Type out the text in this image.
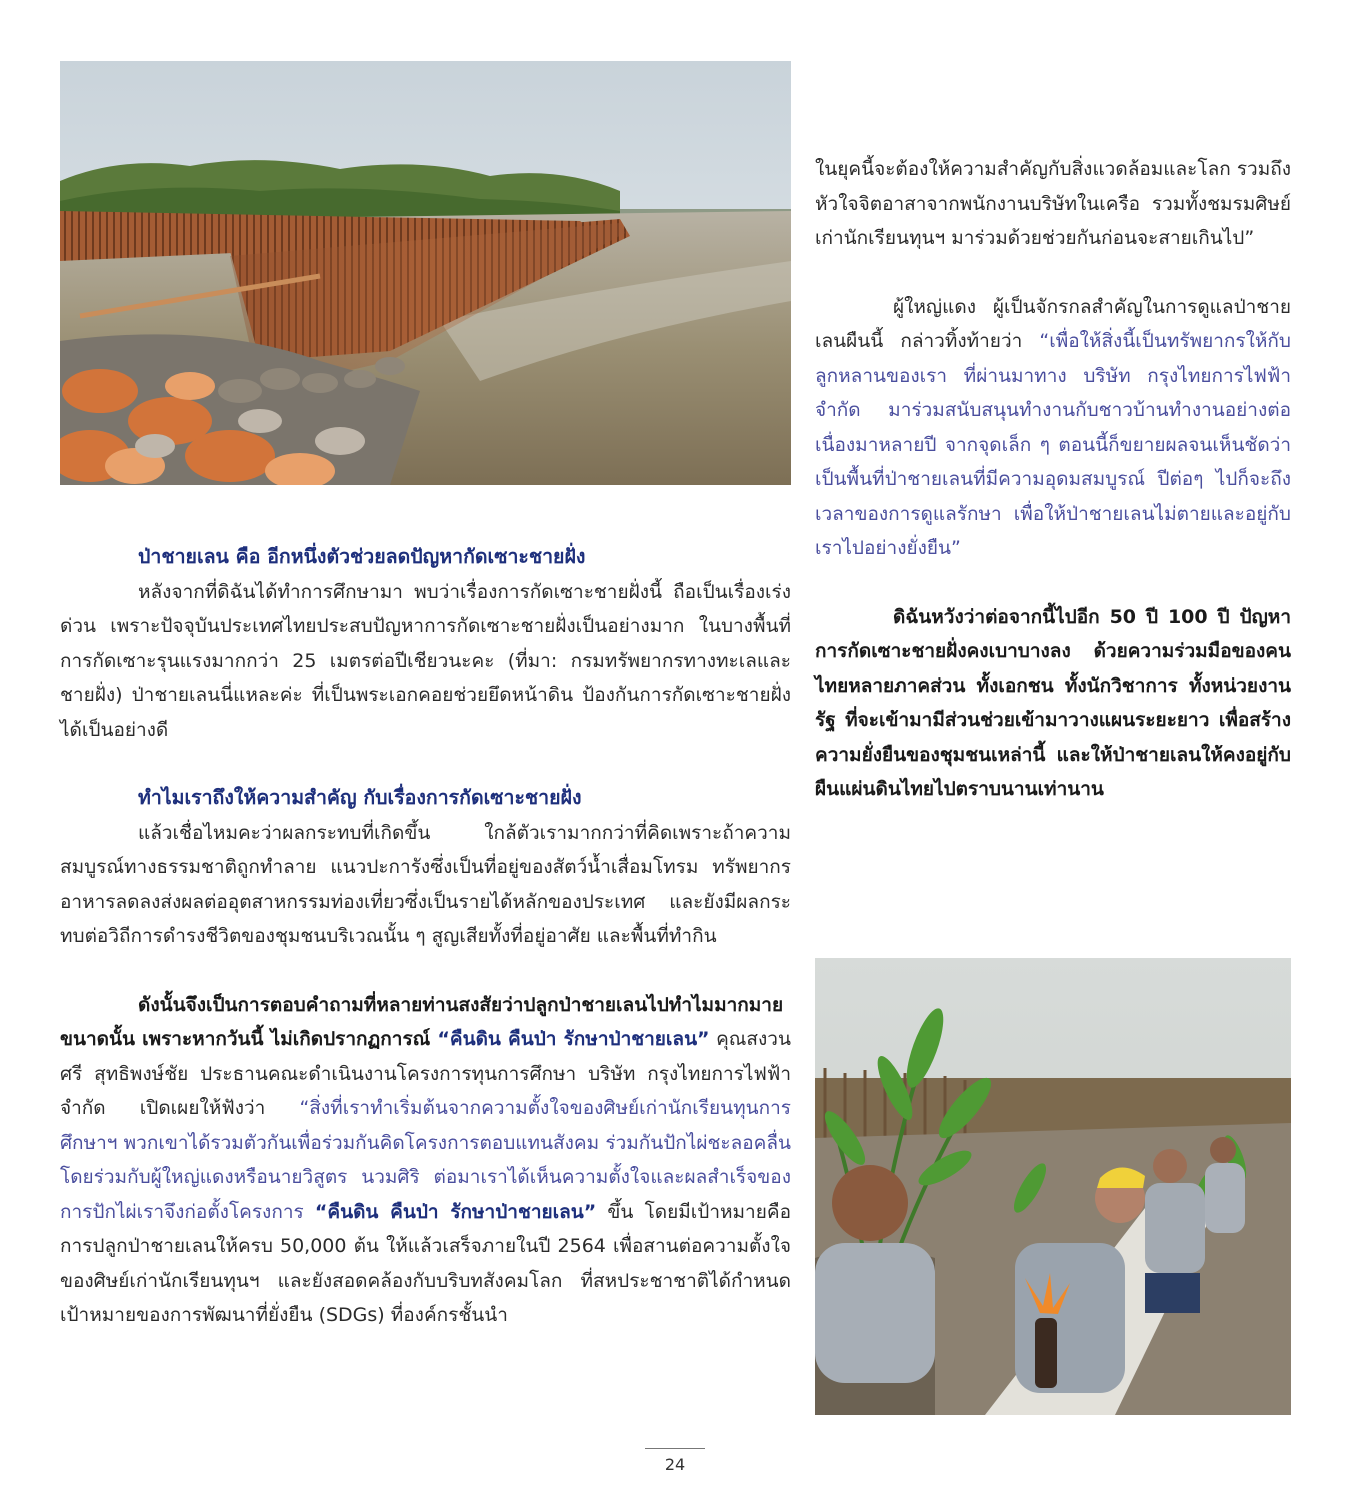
ป่าชายเลน คือ อีกหนึ่งตัวช่วยลดปัญหากัดเซาะชายฝั่ง

หลังจากที่ดิฉันได้ทำการศึกษามา พบว่าเรื่องการกัดเซาะชายฝั่งนี้ ถือเป็นเรื่องเร่งด่วน เพราะปัจจุบันประเทศไทยประสบปัญหาการกัดเซาะชายฝั่งเป็นอย่างมาก ในบางพื้นที่การกัดเซาะรุนแรงมากกว่า 25 เมตรต่อปีเชียวนะคะ (ที่มา: กรมทรัพยากรทางทะเลและชายฝั่ง) ป่าชายเลนนี่แหละค่ะ ที่เป็นพระเอกคอยช่วยยึดหน้าดิน ป้องกันการกัดเซาะชายฝั่งได้เป็นอย่างดี

ทำไมเราถึงให้ความสำคัญ กับเรื่องการกัดเซาะชายฝั่ง

แล้วเชื่อไหมคะว่าผลกระทบที่เกิดขึ้น ใกล้ตัวเรามากกว่าที่คิดเพราะถ้าความสมบูรณ์ทางธรรมชาติถูกทำลาย แนวปะการังซึ่งเป็นที่อยู่ของสัตว์น้ำเสื่อมโทรม ทรัพยากรอาหารลดลงส่งผลต่ออุตสาหกรรมท่องเที่ยวซึ่งเป็นรายได้หลักของประเทศ และยังมีผลกระทบต่อวิถีการดำรงชีวิตของชุมชนบริเวณนั้น ๆ สูญเสียทั้งที่อยู่อาศัย และพื้นที่ทำกิน

ดังนั้นจึงเป็นการตอบคำถามที่หลายท่านสงสัยว่าปลูกป่าชายเลนไปทำไมมากมายขนาดนั้น เพราะหากวันนี้ ไม่เกิดปรากฏการณ์ “คืนดิน คืนป่า รักษาป่าชายเลน” คุณสงวนศรี สุทธิพงษ์ชัย ประธานคณะดำเนินงานโครงการทุนการศึกษา บริษัท กรุงไทยการไฟฟ้า จำกัด เปิดเผยให้ฟังว่า “สิ่งที่เราทำเริ่มต้นจากความตั้งใจของศิษย์เก่านักเรียนทุนการศึกษาฯ พวกเขาได้รวมตัวกันเพื่อร่วมกันคิดโครงการตอบแทนสังคม ร่วมกันปักไผ่ชะลอคลื่น โดยร่วมกับผู้ใหญ่แดงหรือนายวิสูตร นวมศิริ ต่อมาเราได้เห็นความตั้งใจและผลสำเร็จของการปักไผ่เราจึงก่อตั้งโครงการ “คืนดิน คืนป่า รักษาป่าชายเลน” ขึ้น โดยมีเป้าหมายคือการปลูกป่าชายเลนให้ครบ 50,000 ต้น ให้แล้วเสร็จภายในปี 2564 เพื่อสานต่อความตั้งใจของศิษย์เก่านักเรียนทุนฯ และยังสอดคล้องกับบริบทสังคมโลก ที่สหประชาชาติได้กำหนดเป้าหมายของการพัฒนาที่ยั่งยืน (SDGs) ที่องค์กรชั้นนำ

ในยุคนี้จะต้องให้ความสำคัญกับสิ่งแวดล้อมและโลก รวมถึงหัวใจจิตอาสาจากพนักงานบริษัทในเครือ รวมทั้งชมรมศิษย์เก่านักเรียนทุนฯ มาร่วมด้วยช่วยกันก่อนจะสายเกินไป”

ผู้ใหญ่แดง ผู้เป็นจักรกลสำคัญในการดูแลป่าชายเลนผืนนี้ กล่าวทิ้งท้ายว่า “เพื่อให้สิ่งนี้เป็นทรัพยากรให้กับลูกหลานของเรา ที่ผ่านมาทาง บริษัท กรุงไทยการไฟฟ้า จำกัด มาร่วมสนับสนุนทำงานกับชาวบ้านทำงานอย่างต่อเนื่องมาหลายปี จากจุดเล็ก ๆ ตอนนี้ก็ขยายผลจนเห็นชัดว่า เป็นพื้นที่ป่าชายเลนที่มีความอุดมสมบูรณ์ ปีต่อๆ ไปก็จะถึงเวลาของการดูแลรักษา เพื่อให้ป่าชายเลนไม่ตายและอยู่กับเราไปอย่างยั่งยืน”

ดิฉันหวังว่าต่อจากนี้ไปอีก 50 ปี 100 ปี ปัญหาการกัดเซาะชายฝั่งคงเบาบางลง ด้วยความร่วมมือของคนไทยหลายภาคส่วน ทั้งเอกชน ทั้งนักวิชาการ ทั้งหน่วยงานรัฐ ที่จะเข้ามามีส่วนช่วยเข้ามาวางแผนระยะยาว เพื่อสร้างความยั่งยืนของชุมชนเหล่านี้ และให้ป่าชายเลนให้คงอยู่กับผืนแผ่นดินไทยไปตราบนานเท่านาน

24
